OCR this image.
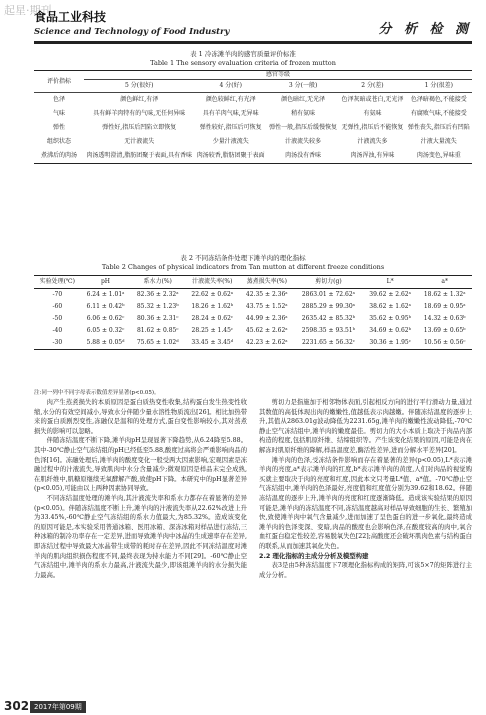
起星·期刊
食品工业科技
Science and Technology of Food Industry	分 析 检 测
表 1 冷冻滩羊肉的感官质量评价标准
Table 1 The sensory evaluation criteria of frozen mutton
评价指标	感官等级				
	5 分(很好)	4 分(好)	3 分(一般)	2 分(差)	1 分(很差)
色泽	颜色鲜红,有泽	颜色较鲜红,有光泽	颜色暗红,无光泽	色泽灰暗或苍白,无光泽	色泽暗褐色,不能接受
气味	具有鲜羊肉特有的气味,无任何异味	具有羊肉气味,无异味	稍有氨味	有氨味	有腐败气味,不能接受
弹性	弹性好,指压后凹陷立即恢复	弹性较好,指压后可恢复	弹性一般,指压后缓慢恢复	无弹性,指压后不能恢复	弹性丧失,指压后有凹陷
组织状态	无汁液流失	少量汁液流失	汁液流失较多	汁液流失多	汁液大量流失
煮沸后的肉汤	肉汤透明澄清,脂肪团聚于表面,具有香味	肉汤较香,脂肪团聚于表面	肉汤没有香味	肉汤浑浊,有异味	肉汤变色,异味重
表 2 不同冻结条件处理下滩羊肉的理化指标
Table 2 Changes of physical indicators from Tan mutton at different freeze conditions
实验处理(℃)	pH	系水力(%)	汁液流失率(%)	蒸煮损失率(%)	剪切力(g)	L*	a*
-70	6.24 ± 1.01ᵃ	82.36 ± 2.32ᵃ	22.62 ± 0.62ᵃ	42.35 ± 2.36ᵃ	2863.01 ± 72.62ᵃ	39.62 ± 2.62ᵃ	18.62 ± 1.32ᵃ
-60	6.11 ± 0.42ᵇ	85.32 ± 1.23ᵇ	18.26 ± 1.62ᵇ	43.75 ± 1.52ᵃ	2885.29 ± 99.30ᵃ	38.62 ± 1.62ᵃ	18.69 ± 0.95ᵃ
-50	6.06 ± 0.62ᶜ	80.36 ± 2.31ᶜ	28.24 ± 0.62ᶜ	44.99 ± 2.36ᵃ	2635.42 ± 85.32ᵇ	35.62 ± 0.95ᵇ	14.32 ± 0.63ᵇ
-40	6.05 ± 0.32ᶜ	81.62 ± 0.85ᶜ	28.25 ± 1.45ᶜ	45.62 ± 2.62ᵃ	2598.35 ± 93.51ᵇ	34.69 ± 0.62ᵇ	13.69 ± 0.65ᵇ
-30	5.88 ± 0.05ᵈ	75.65 ± 1.02ᵈ	33.45 ± 3.45ᵈ	42.23 ± 2.62ᵃ	2231.65 ± 56.32ᶜ	30.36 ± 1.95ᶜ	10.56 ± 0.56ᶜ
注:同一列中不同字母表示数值差异显著(p<0.05)。

肉产生蒸煮损失的本质原因是蛋白质热变性收集,结构蛋白发生热变性收缩,水分的有效空间减小,导致水分伴随少量水溶性物质流出[26]。相比加热带来的蛋白质剧烈变性,冻融仅是温和的处理方式,蛋白变性影响较小,其对蒸煮损失的影响可以忽略。

伴随冻结温度不断下降,滩羊肉pH呈现显著下降趋势,从6.24降至5.88。其中-30℃静止空气冻结组的pH已经低至5.88,酸度过高将会严重影响肉品的色泽[16]。冻融处理后,滩羊肉的酸度变化一般受两大因素影响,宏观因素是冻融过程中的汁液流失,导致肌肉中水分含量减少;微观原因是样品末完全成熟,在肌纤维中,肌糖原继续无氧酵解产酸,致使pH下降。本研究中的pH显著差异(p<0.05),可能由以上两种因素协同导致。

不同冻结温度处理的滩羊肉,其汁液流失率和系水力都存在着显著的差异(p<0.05)。伴随冻结温度不断上升,滩羊肉的汁液流失率从22.62%改进上升为33.45%,-60℃静止空气冻结组的系水力值最大,为85.32%。造成该变化的原因可能是,本实验采用普通冰箱、医用冰箱、深冻冰箱对样品进行冻结,三种冰箱的制冷功率存在一定差异,进而导致滩羊肉中冰晶的生成速率存在差异,即冻结过程中导致最大冰晶带生成带的耗时存在差异,因此不同冻结温度对滩羊肉的肌肉组织损伤程度不同,最终表现为持水能力不同[29]。-60℃静止空气冻结组中,滩羊肉的系水力最高,汁液流失最少,即该组滩羊肉的水分损失能力最高。

剪切力是指施加于相邻物体表面,引起相反方向的进行平行滑动力量,通过其数值的高低体现出肉的嫩嫩性,值越低表示肉越嫩。伴随冻结温度的逐步上升,其值从2863.01g波动降低为2231.65g,滩羊肉的嫩嫩性波动降低,-70℃静止空气冻结组中,滩羊肉的嫩度最佳。剪切力的大小本质上取决于肉品内部构造的程度,包括肌原纤维、结缔组织等。产生该变化结果的原因,可能是肉在解冻时肌原纤维的降解,样品温度差,酶活性差异,进而分解水平差异[20]。

滩羊肉的色泽,受冻结条件影响而存在着显著的差异(p<0.05),L*表示滩羊肉的亮度,a*表示滩羊肉的红度,b*表示滩羊肉的黄度,人们对肉品的视觉购买就主要取决于肉的亮度和红度,因此本文只考量L*值、a*值。-70℃静止空气冻结组中,滩羊肉的色泽最好,亮度值和红度值分别为39.62和18.62。伴随冻结温度的逐步上升,滩羊肉的亮度和红度逐渐降低。造成该实验结果的原因可能是,滩羊肉的冻结温度不同,冻结温度越高对样品导致细胞的生长、繁殖加快,致使滩羊肉中氧气含量减少,进而加速了呈色蛋白的进一步氧化,最终造成滩羊肉的色泽变深、变暗,肉品的酸度也会影响色泽,在酸度较高的肉中,氧合血红蛋白稳定性较差,容易脱氧失色[22];高酸度还会破坏肌肉色素与结构蛋白的联系,从而加速其氧化失色。

2.2 理化指标的主成分分析及模型构建

表3是由5种冻结温度下7项理化指标构成的矩阵,可该5×7的矩阵进行主成分分析。

302 2017年第09期
